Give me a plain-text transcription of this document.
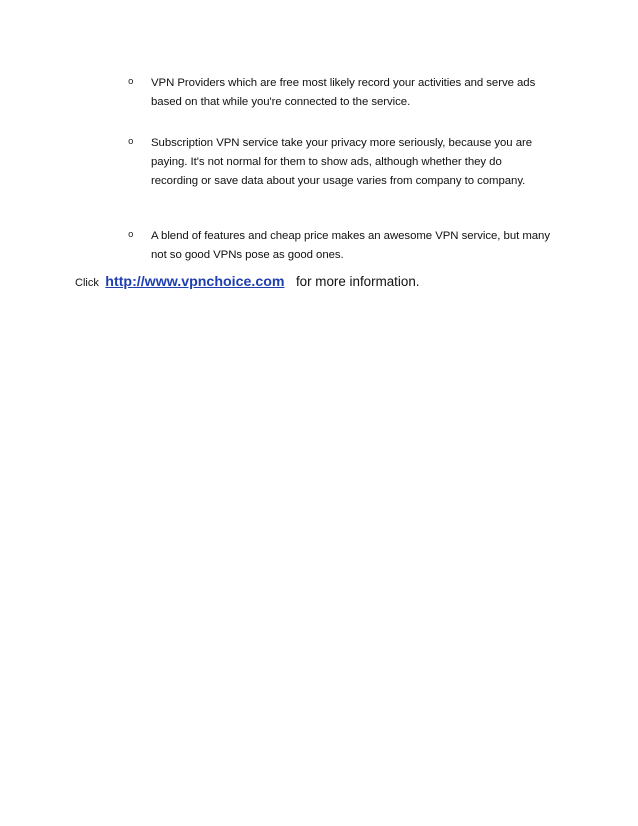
o VPN Providers which are free most likely record your activities and serve ads based on that while you're connected to the service.
o Subscription VPN service take your privacy more seriously, because you are paying. It's not normal for them to show ads, although whether they do recording or save data about your usage varies from company to company.
o A blend of features and cheap price makes an awesome VPN service, but many not so good VPNs pose as good ones.
Click http://www.vpnchoice.com for more information.
